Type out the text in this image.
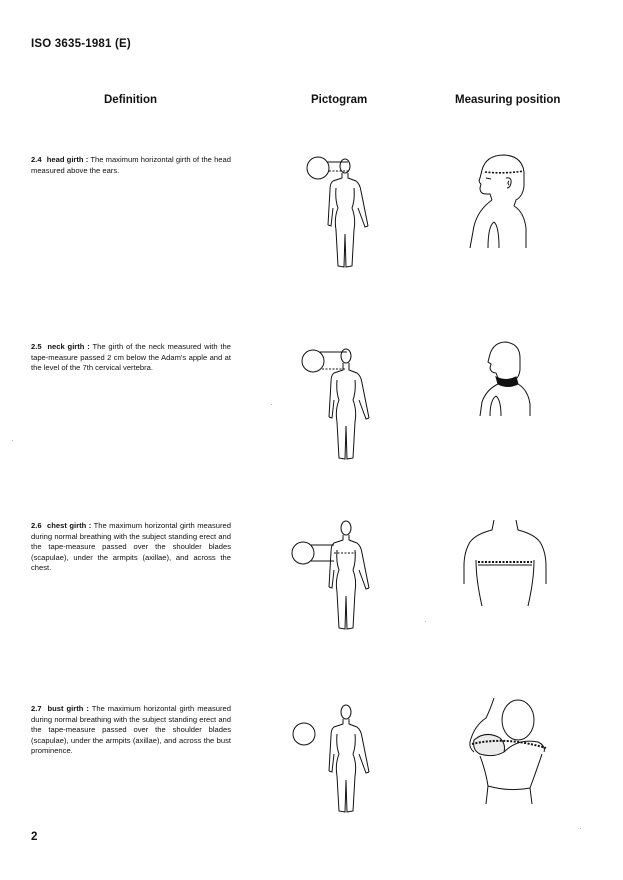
ISO 3635-1981 (E)
Definition	Pictogram	Measuring position
2.4 head girth : The maximum horizontal girth of the head measured above the ears.
2.5 neck girth : The girth of the neck measured with the tape-measure passed 2 cm below the Adam's apple and at the level of the 7th cervical vertebra.
2.6 chest girth : The maximum horizontal girth measured during normal breathing with the subject standing erect and the tape-measure passed over the shoulder blades (scapulae), under the armpits (axillae), and across the chest.
2.7 bust girth : The maximum horizontal girth measured during normal breathing with the subject standing erect and the tape-measure passed over the shoulder blades (scapulae), under the armpits (axillae), and across the bust prominence.
2
